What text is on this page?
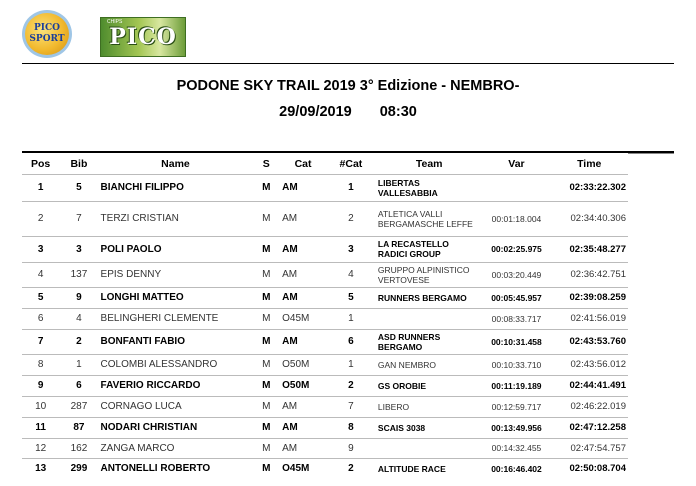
PICO
SPORT
CHIPS
PICO
PODONE SKY TRAIL 2019 3° Edizione - NEMBRO-
29/09/2019 08:30
Pos	Bib	Name	S	Cat	#Cat	Team	Var	Time
1	5	BIANCHI FILIPPO	M	AM	1	LIBERTAS VALLESABBIA		02:33:22.302
2	7	TERZI CRISTIAN	M	AM	2	ATLETICA VALLI BERGAMASCHE LEFFE	00:01:18.004	02:34:40.306
3	3	POLI PAOLO	M	AM	3	LA RECASTELLO RADICI GROUP	00:02:25.975	02:35:48.277
4	137	EPIS DENNY	M	AM	4	GRUPPO ALPINISTICO VERTOVESE	00:03:20.449	02:36:42.751
5	9	LONGHI MATTEO	M	AM	5	RUNNERS BERGAMO	00:05:45.957	02:39:08.259
6	4	BELINGHERI CLEMENTE	M	O45M	1		00:08:33.717	02:41:56.019
7	2	BONFANTI FABIO	M	AM	6	ASD RUNNERS BERGAMO	00:10:31.458	02:43:53.760
8	1	COLOMBI ALESSANDRO	M	O50M	1	GAN NEMBRO	00:10:33.710	02:43:56.012
9	6	FAVERIO RICCARDO	M	O50M	2	GS OROBIE	00:11:19.189	02:44:41.491
10	287	CORNAGO LUCA	M	AM	7	LIBERO	00:12:59.717	02:46:22.019
11	87	NODARI CHRISTIAN	M	AM	8	SCAIS 3038	00:13:49.956	02:47:12.258
12	162	ZANGA MARCO	M	AM	9		00:14:32.455	02:47:54.757
13	299	ANTONELLI ROBERTO	M	O45M	2	ALTITUDE RACE	00:16:46.402	02:50:08.704
